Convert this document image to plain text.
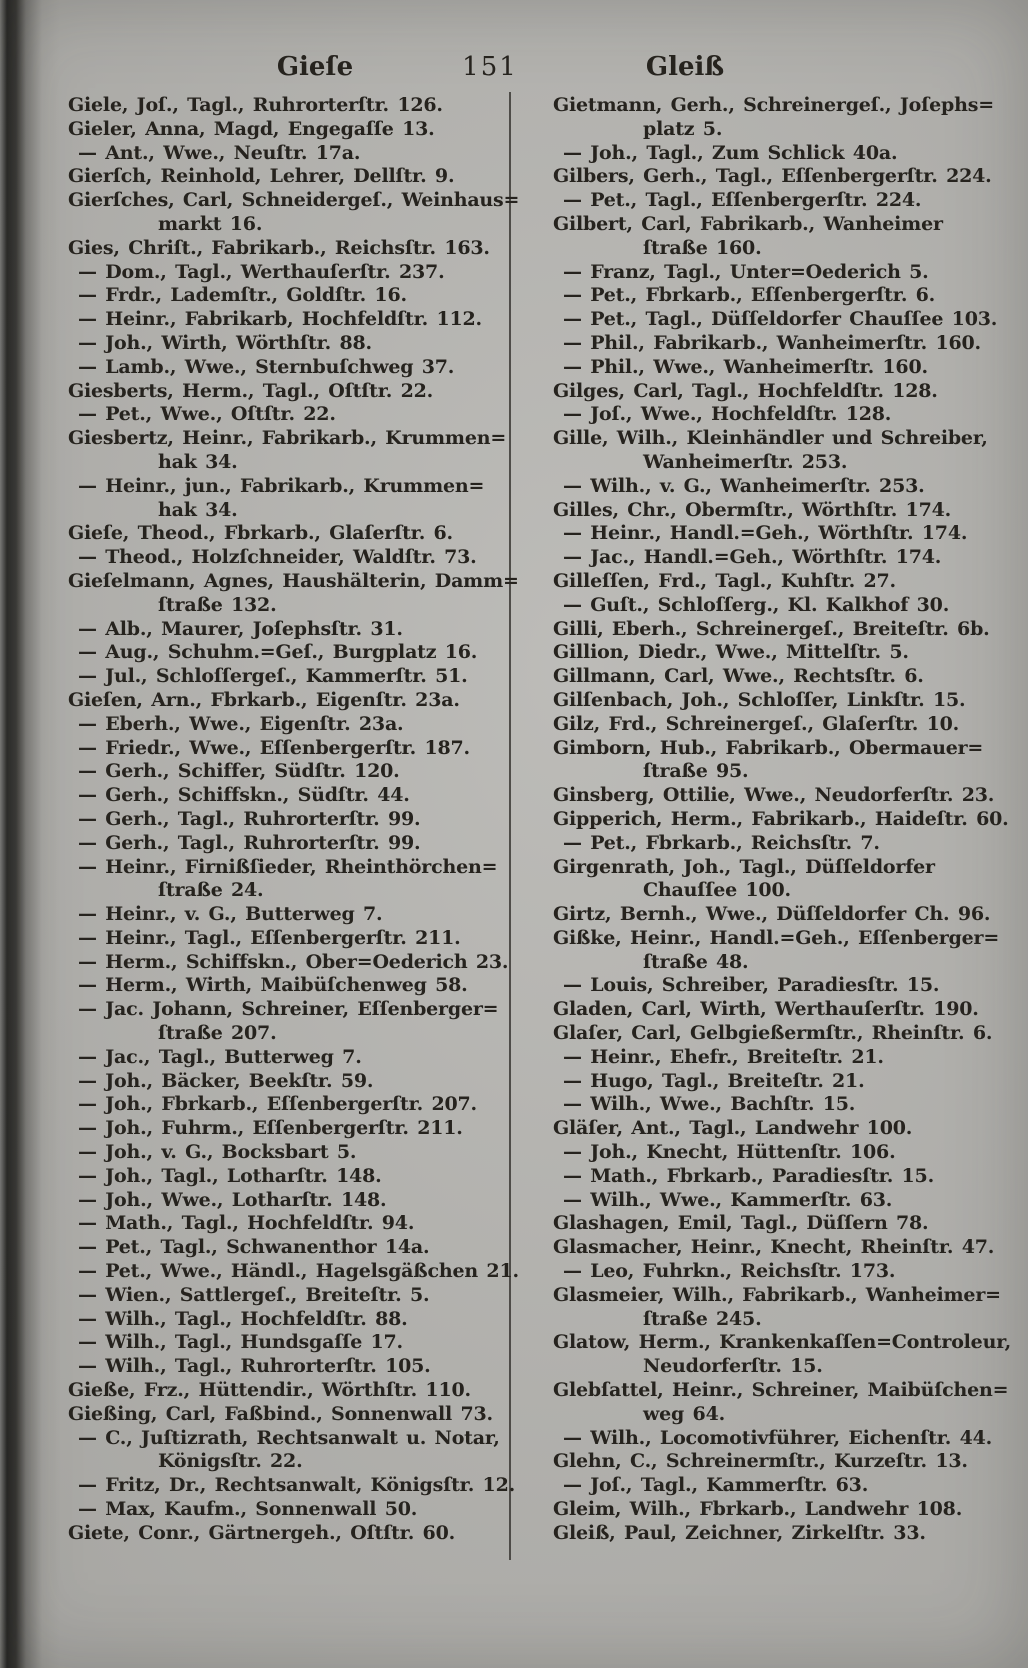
Gieſe	151	Gleiß
Giele, Joſ., Tagl., Ruhrorterſtr. 126.
Gieler, Anna, Magd, Engegaſſe 13.
— Ant., Wwe., Neuſtr. 17a.
Gierſch, Reinhold, Lehrer, Dellſtr. 9.
Gierſches, Carl, Schneidergeſ., Weinhaus=
markt 16.
Gies, Chriſt., Fabrikarb., Reichsſtr. 163.
— Dom., Tagl., Werthauſerſtr. 237.
— Frdr., Lademſtr., Goldſtr. 16.
— Heinr., Fabrikarb, Hochfeldſtr. 112.
— Joh., Wirth, Wörthſtr. 88.
— Lamb., Wwe., Sternbuſchweg 37.
Giesberts, Herm., Tagl., Oſtſtr. 22.
— Pet., Wwe., Oſtſtr. 22.
Giesbertz, Heinr., Fabrikarb., Krummen=
hak 34.
— Heinr., jun., Fabrikarb., Krummen=
hak 34.
Gieſe, Theod., Fbrkarb., Glaſerſtr. 6.
— Theod., Holzſchneider, Waldſtr. 73.
Gieſelmann, Agnes, Haushälterin, Damm=
ſtraße 132.
— Alb., Maurer, Joſephsſtr. 31.
— Aug., Schuhm.=Geſ., Burgplatz 16.
— Jul., Schloſſergeſ., Kammerſtr. 51.
Gieſen, Arn., Fbrkarb., Eigenſtr. 23a.
— Eberh., Wwe., Eigenſtr. 23a.
— Friedr., Wwe., Eſſenbergerſtr. 187.
— Gerh., Schiffer, Südſtr. 120.
— Gerh., Schiffskn., Südſtr. 44.
— Gerh., Tagl., Ruhrorterſtr. 99.
— Gerh., Tagl., Ruhrorterſtr. 99.
— Heinr., Firnißſieder, Rheinthörchen=
ſtraße 24.
— Heinr., v. G., Butterweg 7.
— Heinr., Tagl., Eſſenbergerſtr. 211.
— Herm., Schiffskn., Ober=Oederich 23.
— Herm., Wirth, Maibüſchenweg 58.
— Jac. Johann, Schreiner, Eſſenberger=
ſtraße 207.
— Jac., Tagl., Butterweg 7.
— Joh., Bäcker, Beekſtr. 59.
— Joh., Fbrkarb., Eſſenbergerſtr. 207.
— Joh., Fuhrm., Eſſenbergerſtr. 211.
— Joh., v. G., Bocksbart 5.
— Joh., Tagl., Lotharſtr. 148.
— Joh., Wwe., Lotharſtr. 148.
— Math., Tagl., Hochfeldſtr. 94.
— Pet., Tagl., Schwanenthor 14a.
— Pet., Wwe., Händl., Hagelsgäßchen 21.
— Wien., Sattlergeſ., Breiteſtr. 5.
— Wilh., Tagl., Hochfeldſtr. 88.
— Wilh., Tagl., Hundsgaſſe 17.
— Wilh., Tagl., Ruhrorterſtr. 105.
Gieße, Frz., Hüttendir., Wörthſtr. 110.
Gießing, Carl, Faßbind., Sonnenwall 73.
— C., Juſtizrath, Rechtsanwalt u. Notar,
Königsſtr. 22.
— Fritz, Dr., Rechtsanwalt, Königsſtr. 12.
— Max, Kaufm., Sonnenwall 50.
Giete, Conr., Gärtnergeh., Oſtſtr. 60.
Gietmann, Gerh., Schreinergeſ., Joſephs=
platz 5.
— Joh., Tagl., Zum Schlick 40a.
Gilbers, Gerh., Tagl., Eſſenbergerſtr. 224.
— Pet., Tagl., Eſſenbergerſtr. 224.
Gilbert, Carl, Fabrikarb., Wanheimer
ſtraße 160.
— Franz, Tagl., Unter=Oederich 5.
— Pet., Fbrkarb., Eſſenbergerſtr. 6.
— Pet., Tagl., Düſſeldorfer Chauſſee 103.
— Phil., Fabrikarb., Wanheimerſtr. 160.
— Phil., Wwe., Wanheimerſtr. 160.
Gilges, Carl, Tagl., Hochfeldſtr. 128.
— Joſ., Wwe., Hochfeldſtr. 128.
Gille, Wilh., Kleinhändler und Schreiber,
Wanheimerſtr. 253.
— Wilh., v. G., Wanheimerſtr. 253.
Gilles, Chr., Obermſtr., Wörthſtr. 174.
— Heinr., Handl.=Geh., Wörthſtr. 174.
— Jac., Handl.=Geh., Wörthſtr. 174.
Gilleſſen, Frd., Tagl., Kuhſtr. 27.
— Guſt., Schloſſerg., Kl. Kalkhof 30.
Gilli, Eberh., Schreinergeſ., Breiteſtr. 6b.
Gillion, Diedr., Wwe., Mittelſtr. 5.
Gillmann, Carl, Wwe., Rechtsſtr. 6.
Gilſenbach, Joh., Schloſſer, Linkſtr. 15.
Gilz, Frd., Schreinergeſ., Glaſerſtr. 10.
Gimborn, Hub., Fabrikarb., Obermauer=
ſtraße 95.
Ginsberg, Ottilie, Wwe., Neudorferſtr. 23.
Gipperich, Herm., Fabrikarb., Haideſtr. 60.
— Pet., Fbrkarb., Reichsſtr. 7.
Girgenrath, Joh., Tagl., Düſſeldorfer
Chauſſee 100.
Girtz, Bernh., Wwe., Düſſeldorfer Ch. 96.
Gißke, Heinr., Handl.=Geh., Eſſenberger=
ſtraße 48.
— Louis, Schreiber, Paradiesſtr. 15.
Gladen, Carl, Wirth, Werthauſerſtr. 190.
Glaſer, Carl, Gelbgießermſtr., Rheinſtr. 6.
— Heinr., Ehefr., Breiteſtr. 21.
— Hugo, Tagl., Breiteſtr. 21.
— Wilh., Wwe., Bachſtr. 15.
Gläſer, Ant., Tagl., Landwehr 100.
— Joh., Knecht, Hüttenſtr. 106.
— Math., Fbrkarb., Paradiesſtr. 15.
— Wilh., Wwe., Kammerſtr. 63.
Glashagen, Emil, Tagl., Düſſern 78.
Glasmacher, Heinr., Knecht, Rheinſtr. 47.
— Leo, Fuhrkn., Reichsſtr. 173.
Glasmeier, Wilh., Fabrikarb., Wanheimer=
ſtraße 245.
Glatow, Herm., Krankenkaſſen=Controleur,
Neudorferſtr. 15.
Glebſattel, Heinr., Schreiner, Maibüſchen=
weg 64.
— Wilh., Locomotivführer, Eichenſtr. 44.
Glehn, C., Schreinermſtr., Kurzeſtr. 13.
— Joſ., Tagl., Kammerſtr. 63.
Gleim, Wilh., Fbrkarb., Landwehr 108.
Gleiß, Paul, Zeichner, Zirkelſtr. 33.
